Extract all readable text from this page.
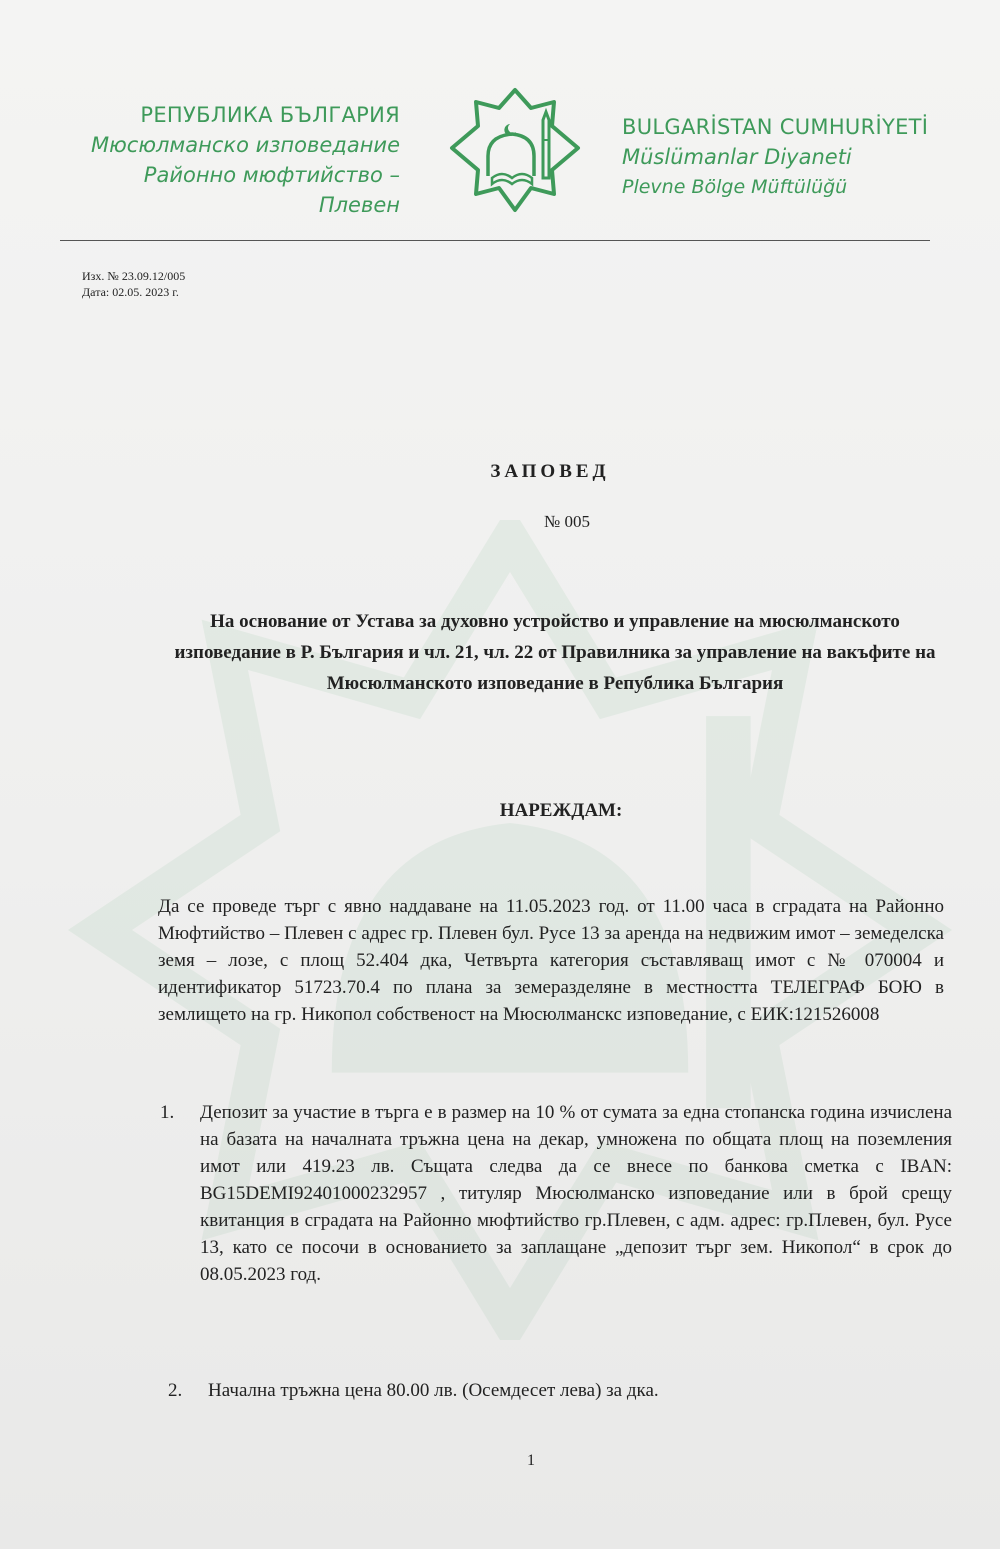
РЕПУБЛИКА БЪЛГАРИЯ
Мюсюлманско изповедание
Районно мюфтийство – Плевен
BULGARİSTAN CUMHURİYETİ
Müslümanlar Diyaneti
Plevne Bölge Müftülüğü
Изх. № 23.09.12/005
Дата: 02.05. 2023 г.
ЗАПОВЕД
№ 005
На основание от Устава за духовно устройство и управление на мюсюлманското изповедание в Р. България и чл. 21, чл. 22 от Правилника за управление на вакъфите на Мюсюлманското изповедание в Република България
НАРЕЖДАМ:
Да се проведе търг с явно наддаване на 11.05.2023 год. от 11.00 часа в сградата на Районно Мюфтийство – Плевен с адрес гр. Плевен бул. Русе 13 за аренда на недвижим имот – земеделска земя – лозе, с площ 52.404 дка, Четвърта категория съставляващ имот с № 070004 и идентификатор 51723.70.4 по плана за земеразделяне в местността ТЕЛЕГРАФ БОЮ в землището на гр. Никопол собственост на Мюсюлманскс изповедание, с ЕИК:121526008
1. Депозит за участие в търга е в размер на 10 % от сумата за една стопанска година изчислена на базата на началната тръжна цена на декар, умножена по общата площ на поземления имот или 419.23 лв. Същата следва да се внесе по банкова сметка с IBAN: BG15DEMI92401000232957 , титуляр Мюсюлманско изповедание или в брой срещу квитанция в сградата на Районно мюфтийство гр.Плевен, с адм. адрес: гр.Плевен, бул. Русе 13, като се посочи в основанието за заплащане „депозит търг зем. Никопол“ в срок до 08.05.2023 год.
2. Начална тръжна цена 80.00 лв. (Осемдесет лева) за дка.
1
